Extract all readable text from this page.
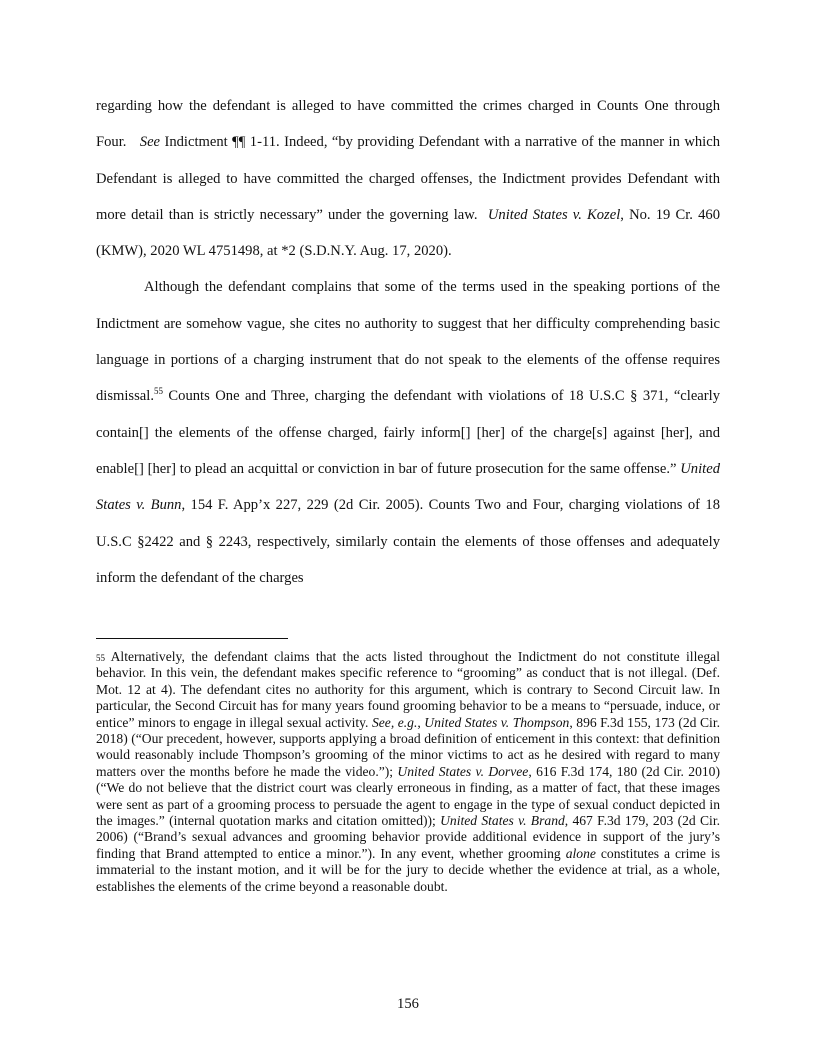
regarding how the defendant is alleged to have committed the crimes charged in Counts One through Four. See Indictment ¶¶ 1-11. Indeed, “by providing Defendant with a narrative of the manner in which Defendant is alleged to have committed the charged offenses, the Indictment provides Defendant with more detail than is strictly necessary” under the governing law. United States v. Kozel, No. 19 Cr. 460 (KMW), 2020 WL 4751498, at *2 (S.D.N.Y. Aug. 17, 2020).

Although the defendant complains that some of the terms used in the speaking portions of the Indictment are somehow vague, she cites no authority to suggest that her difficulty comprehending basic language in portions of a charging instrument that do not speak to the elements of the offense requires dismissal.$^{55}$ Counts One and Three, charging the defendant with violations of 18 U.S.C § 371, “clearly contain[] the elements of the offense charged, fairly inform[] [her] of the charge[s] against [her], and enable[] [her] to plead an acquittal or conviction in bar of future prosecution for the same offense.” United States v. Bunn, 154 F. App’x 227, 229 (2d Cir. 2005). Counts Two and Four, charging violations of 18 U.S.C §2422 and § 2243, respectively, similarly contain the elements of those offenses and adequately inform the defendant of the charges

$^{55}$ Alternatively, the defendant claims that the acts listed throughout the Indictment do not constitute illegal behavior. In this vein, the defendant makes specific reference to “grooming” as conduct that is not illegal. (Def. Mot. 12 at 4). The defendant cites no authority for this argument, which is contrary to Second Circuit law. In particular, the Second Circuit has for many years found grooming behavior to be a means to “persuade, induce, or entice” minors to engage in illegal sexual activity. See, e.g., United States v. Thompson, 896 F.3d 155, 173 (2d Cir. 2018) (“Our precedent, however, supports applying a broad definition of enticement in this context: that definition would reasonably include Thompson’s grooming of the minor victims to act as he desired with regard to many matters over the months before he made the video.”); United States v. Dorvee, 616 F.3d 174, 180 (2d Cir. 2010) (“We do not believe that the district court was clearly erroneous in finding, as a matter of fact, that these images were sent as part of a grooming process to persuade the agent to engage in the type of sexual conduct depicted in the images.” (internal quotation marks and citation omitted)); United States v. Brand, 467 F.3d 179, 203 (2d Cir. 2006) (“Brand’s sexual advances and grooming behavior provide additional evidence in support of the jury’s finding that Brand attempted to entice a minor.”). In any event, whether grooming alone constitutes a crime is immaterial to the instant motion, and it will be for the jury to decide whether the evidence at trial, as a whole, establishes the elements of the crime beyond a reasonable doubt.

156
